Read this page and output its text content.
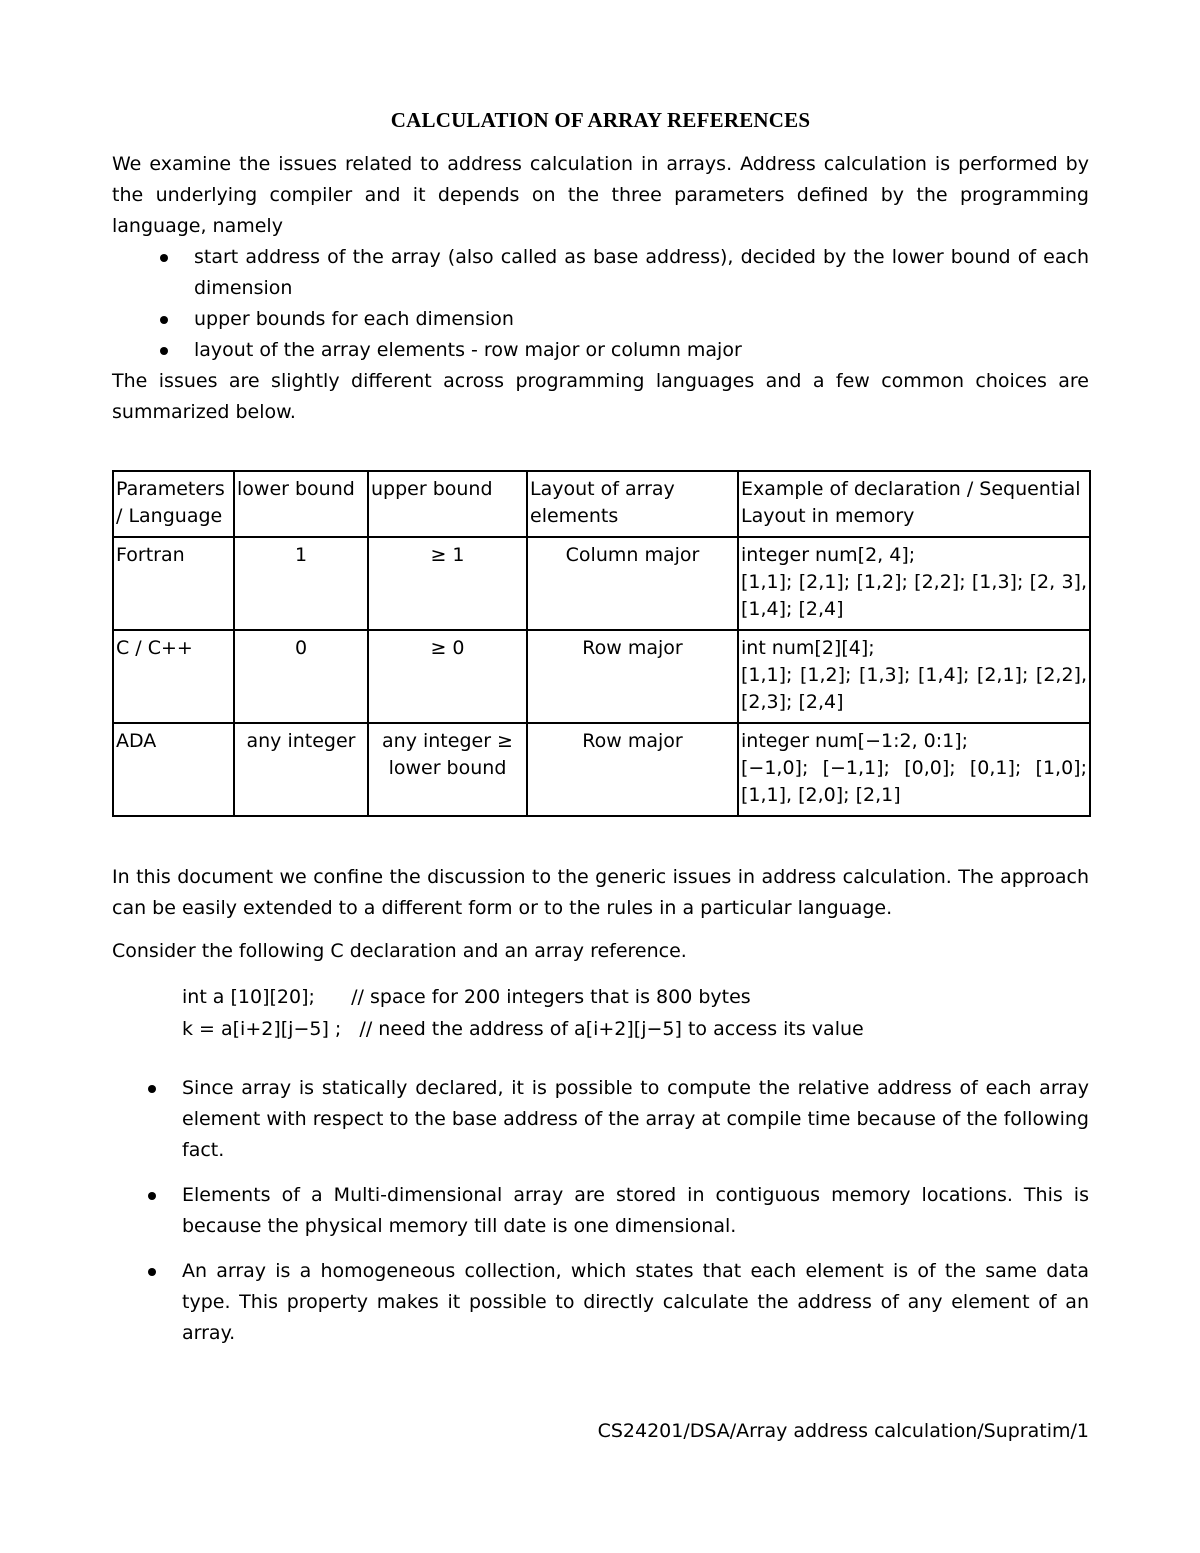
CALCULATION OF ARRAY REFERENCES

We examine the issues related to address calculation in arrays. Address calculation is performed by the underlying compiler and it depends on the three parameters defined by the programming language, namely

start address of the array (also called as base address), decided by the lower bound of each dimension
upper bounds for each dimension
layout of the array elements - row major or column major

The issues are slightly different across programming languages and a few common choices are summarized below.

Parameters / Language	lower bound	upper bound	Layout of array elements	Example of declaration / Sequential Layout in memory
Fortran	1	≥ 1	Column major	integer num[2, 4];
[1,1]; [2,1]; [1,2]; [2,2]; [1,3]; [2, 3], [1,4]; [2,4]

C / C++	0	≥ 0	Row major	int num[2][4];
[1,1]; [1,2]; [1,3]; [1,4]; [2,1]; [2,2], [2,3]; [2,4]

ADA	any integer	any integer ≥ lower bound	Row major	integer num[−1:2, 0:1];
[−1,0]; [−1,1]; [0,0]; [0,1]; [1,0]; [1,1], [2,0]; [2,1]

In this document we confine the discussion to the generic issues in address calculation. The approach can be easily extended to a different form or to the rules in a particular language.

Consider the following C declaration and an array reference.

int a [10][20];      // space for 200 integers that is 800 bytes
k = a[i+2][j−5] ;   // need the address of a[i+2][j−5] to access its value
Since array is statically declared, it is possible to compute the relative address of each array element with respect to the base address of the array at compile time because of the following fact.
Elements of a Multi-dimensional array are stored in contiguous memory locations. This is because the physical memory till date is one dimensional.
An array is a homogeneous collection, which states that each element is of the same data type. This property makes it possible to directly calculate the address of any element of an array.
CS24201/DSA/Array address calculation/Supratim/1
